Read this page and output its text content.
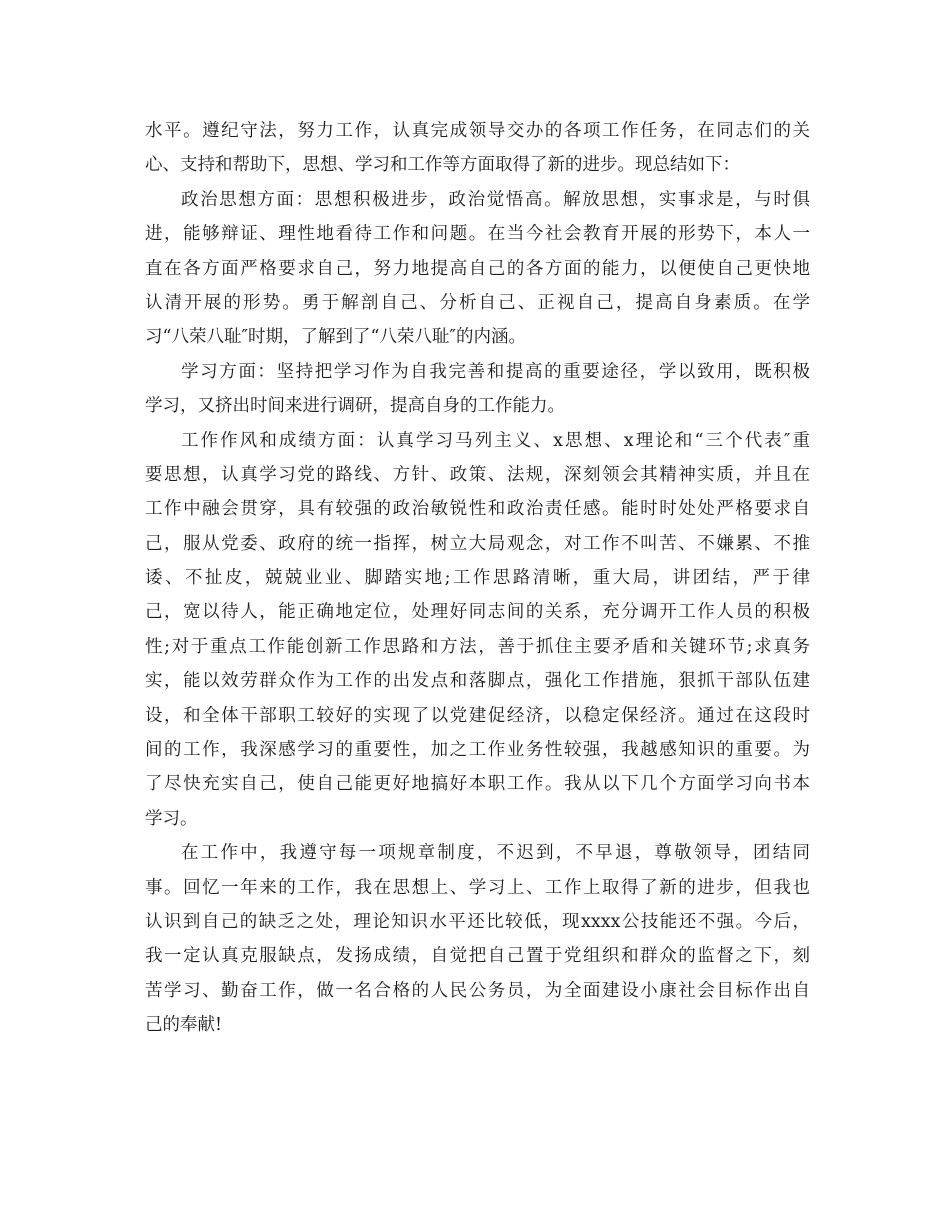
水平。遵纪守法，努力工作，认真完成领导交办的各项工作任务，在同志们的关
心、支持和帮助下，思想、学习和工作等方面取得了新的进步。现总结如下：
政治思想方面：思想积极进步，政治觉悟高。解放思想，实事求是，与时俱
进，能够辩证、理性地看待工作和问题。在当今社会教育开展的形势下，本人一
直在各方面严格要求自己，努力地提高自己的各方面的能力，以便使自己更快地
认清开展的形势。勇于解剖自己、分析自己、正视自己，提高自身素质。在学
习“八荣八耻″时期，了解到了“八荣八耻″的内涵。
学习方面：坚持把学习作为自我完善和提高的重要途径，学以致用，既积极
学习，又挤出时间来进行调研，提高自身的工作能力。
工作作风和成绩方面：认真学习马列主义、x思想、x理论和“三个代表″重
要思想，认真学习党的路线、方针、政策、法规，深刻领会其精神实质，并且在
工作中融会贯穿，具有较强的政治敏锐性和政治责任感。能时时处处严格要求自
己，服从党委、政府的统一指挥，树立大局观念，对工作不叫苦、不嫌累、不推
诿、不扯皮，兢兢业业、脚踏实地;工作思路清晰，重大局，讲团结，严于律
己，宽以待人，能正确地定位，处理好同志间的关系，充分调开工作人员的积极
性;对于重点工作能创新工作思路和方法，善于抓住主要矛盾和关键环节;求真务
实，能以效劳群众作为工作的出发点和落脚点，强化工作措施，狠抓干部队伍建
设，和全体干部职工较好的实现了以党建促经济，以稳定保经济。通过在这段时
间的工作，我深感学习的重要性，加之工作业务性较强，我越感知识的重要。为
了尽快充实自己，使自己能更好地搞好本职工作。我从以下几个方面学习向书本
学习。
在工作中，我遵守每一项规章制度，不迟到，不早退，尊敬领导，团结同
事。回忆一年来的工作，我在思想上、学习上、工作上取得了新的进步，但我也
认识到自己的缺乏之处，理论知识水平还比较低，现xxxx公技能还不强。今后，
我一定认真克服缺点，发扬成绩，自觉把自己置于党组织和群众的监督之下，刻
苦学习、勤奋工作，做一名合格的人民公务员，为全面建设小康社会目标作出自
己的奉献!
